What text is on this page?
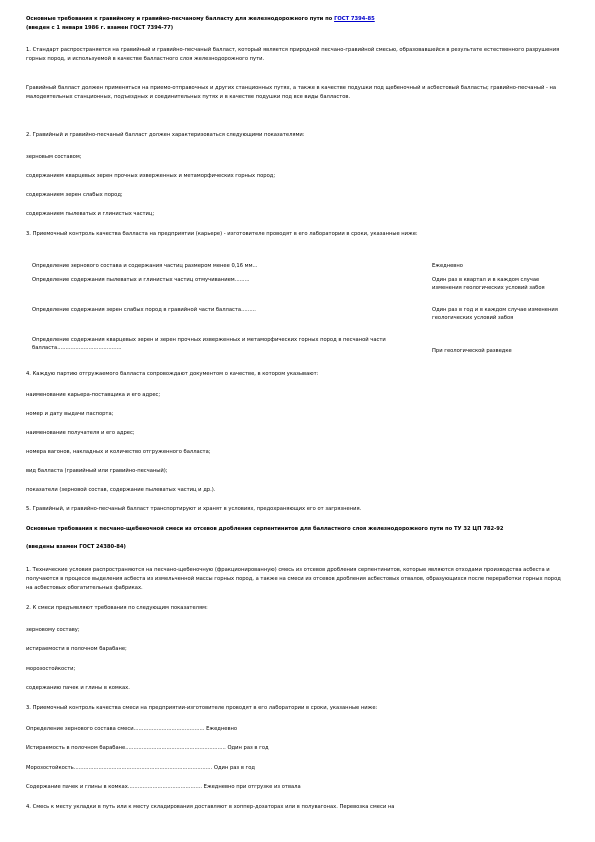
Основные требования к гравийному и гравийно-песчаному балласту для железнодорожного пути по ГОСТ 7394-85
(введен с 1 января 1986 г. взамен ГОСТ 7394-77)
1. Стандарт распространяется на гравийный и гравийно-песчаный балласт, который является природной песчано-гравийной смесью, образовавшейся в результате естественного разрушения горных пород, и используемой в качестве балластного слоя железнодорожного пути.
Гравийный балласт должен применяться на приемо-отправочных и других станционных путях, а также в качестве подушки под щебеночный и асбестовый балласты; гравийно-песчаный - на малодеятельных станционных, подъездных и соединительных путях и в качестве подушки под все виды балластов.
2. Гравийный и гравийно-песчаный балласт должен характеризоваться следующими показателями:
зерновым составом;
содержанием кварцевых зерен прочных изверженных и метаморфических горных пород;
содержанием зерен слабых пород;
содержанием пылеватых и глинистых частиц;
3. Приемочный контроль качества балласта на предприятии (карьере) - изготовителе проводят в его лаборатории в сроки, указанные ниже:
Определение зернового состава и содержания частиц размером менее 0,16 мм...	Ежедневно
Определение содержания пылеватых и глинистых частиц отмучиванием.........	Один раз в квартал и в каждом случае изменения геологических условий забоя
Определение содержания зерен слабых пород в гравийной части балласта.........	Один раз в год и в каждом случае изменения геологических условий забоя
Определение содержания кварцевых зерен и зерен прочных изверженных и метаморфических горных пород в песчаной части балласта.......................................	При геологической разведке
4. Каждую партию отгружаемого балласта сопровождают документом о качестве, в котором указывают:
наименование карьера-поставщика и его адрес;
номер и дату выдачи паспорта;
наименование получателя и его адрес;
номера вагонов, накладных и количество отгруженного балласта;
вид балласта (гравийный или гравийно-песчаный);
показатели (зерновой состав, содержание пылеватых частиц и др.).
5. Гравийный, и гравийно-песчаный балласт транспортируют и хранят в условиях, предохраняющих его от загрязнения.
Основные требования к песчано-щебеночной смеси из отсевов дробления серпентинитов для балластного слоя железнодорожного пути по ТУ 32 ЦП 782-92
(введены взамен ГОСТ 24380-84)
1. Технические условия распространяются на песчано-щебеночную (фракционированную) смесь из отсевов дробления серпентинитов, которые являются отходами производства асбеста и получаются в процессе выделения асбеста из измельченной массы горных пород, а также на смеси из отсевов дробления асбестовых отвалов, образующихся после переработки горных пород на асбестовых обогатительных фабриках.
2. К смеси предъявляют требования по следующим показателям:
зерновому составу;
истираемости в полочном барабане;
морозостойкости;
содержанию пачек и глины в комках.
3. Приемочный контроль качества смеси на предприятии-изготовителе проводят в его лаборатории в сроки, указанные ниже:
Определение зернового состава смеси........................................... Ежедневно
Истираемость в полочном барабане............................................................. Один раз в год
Морозостойкость.................................................................................... Один раз в год
Содержание пачек и глины в комках............................................. Ежедневно при отгрузке из отвала
4. Смесь к месту укладки в путь или к месту складирования доставляют в хоппер-дозаторах или в полувагонах. Перевозка смеси на
